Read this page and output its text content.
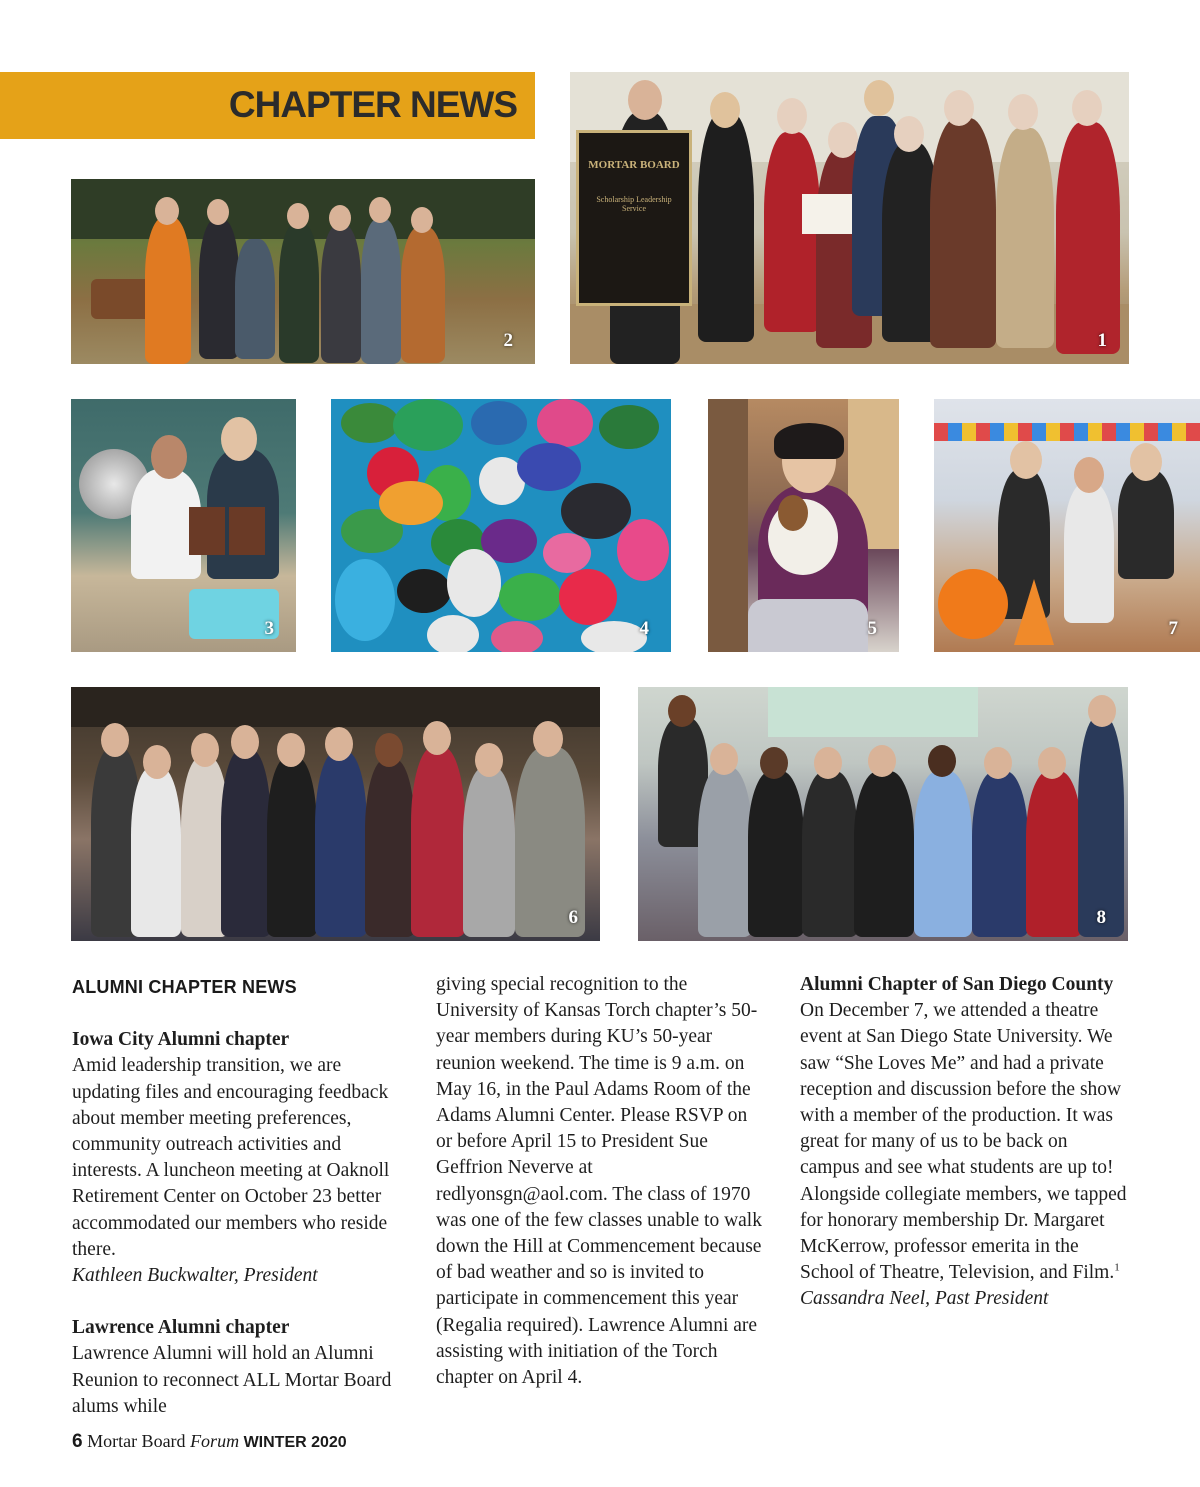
CHAPTER NEWS
MORTAR BOARD
Scholarship Leadership Service
1
2
3	4	5	7
6	8
ALUMNI CHAPTER NEWS
Iowa City Alumni chapter
Amid leadership transition, we are updating files and encouraging feedback about member meeting preferences, community outreach activities and interests. A luncheon meeting at Oaknoll Retirement Center on October 23 better accommodated our members who reside there.
Kathleen Buckwalter, President
Lawrence Alumni chapter
Lawrence Alumni will hold an Alumni Reunion to reconnect ALL Mortar Board alums while
giving special recognition to the University of Kansas Torch chapter’s 50-year members during KU’s 50-year reunion weekend. The time is 9 a.m. on May 16, in the Paul Adams Room of the Adams Alumni Center. Please RSVP on or before April 15 to President Sue Geffrion Neverve at redlyonsgn@aol.com. The class of 1970 was one of the few classes unable to walk down the Hill at Commencement because of bad weather and so is invited to participate in commencement this year (Regalia required). Lawrence Alumni are assisting with initiation of the Torch chapter on April 4.
Alumni Chapter of San Diego County
On December 7, we attended a theatre event at San Diego State University. We saw “She Loves Me” and had a private reception and discussion before the show with a member of the production. It was great for many of us to be back on campus and see what students are up to! Alongside collegiate members, we tapped for honorary membership Dr. Margaret McKerrow, professor emerita in the School of Theatre, Television, and Film.$^1$
Cassandra Neel, Past President
6 Mortar Board Forum WINTER 2020
